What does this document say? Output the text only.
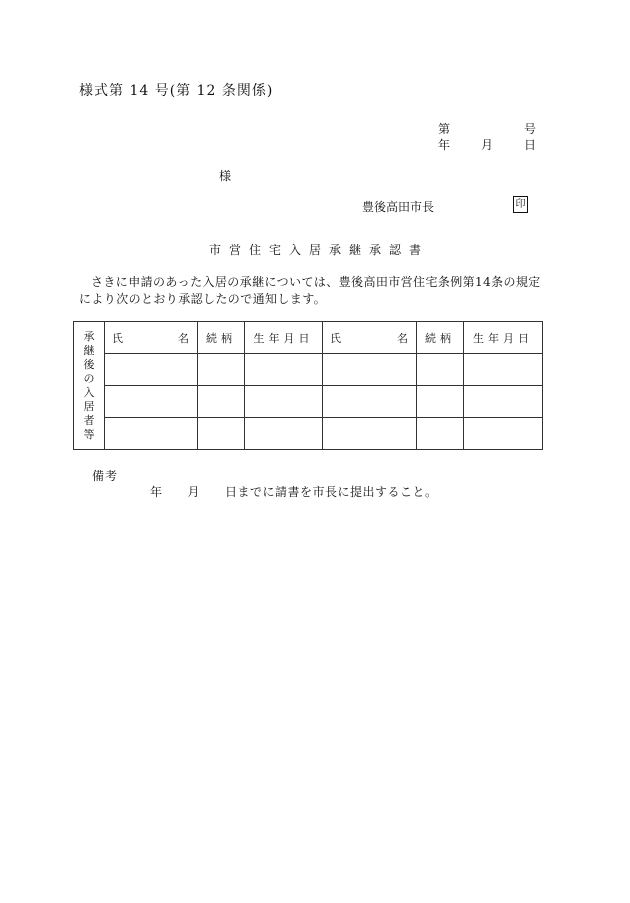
様式第 14 号(第 12 条関係)
第	号
年	月	日
様
豊後高田市長	印
市営住宅入居承継承認書
さきに申請のあった入居の承継については、豊後高田市営住宅条例第14条の規定により次のとおり承認したので通知します。
承継後の入居者等	氏 名	続柄	生年月日	氏 名	続柄	生年月日

備考
年　　月　　日までに請書を市長に提出すること。
